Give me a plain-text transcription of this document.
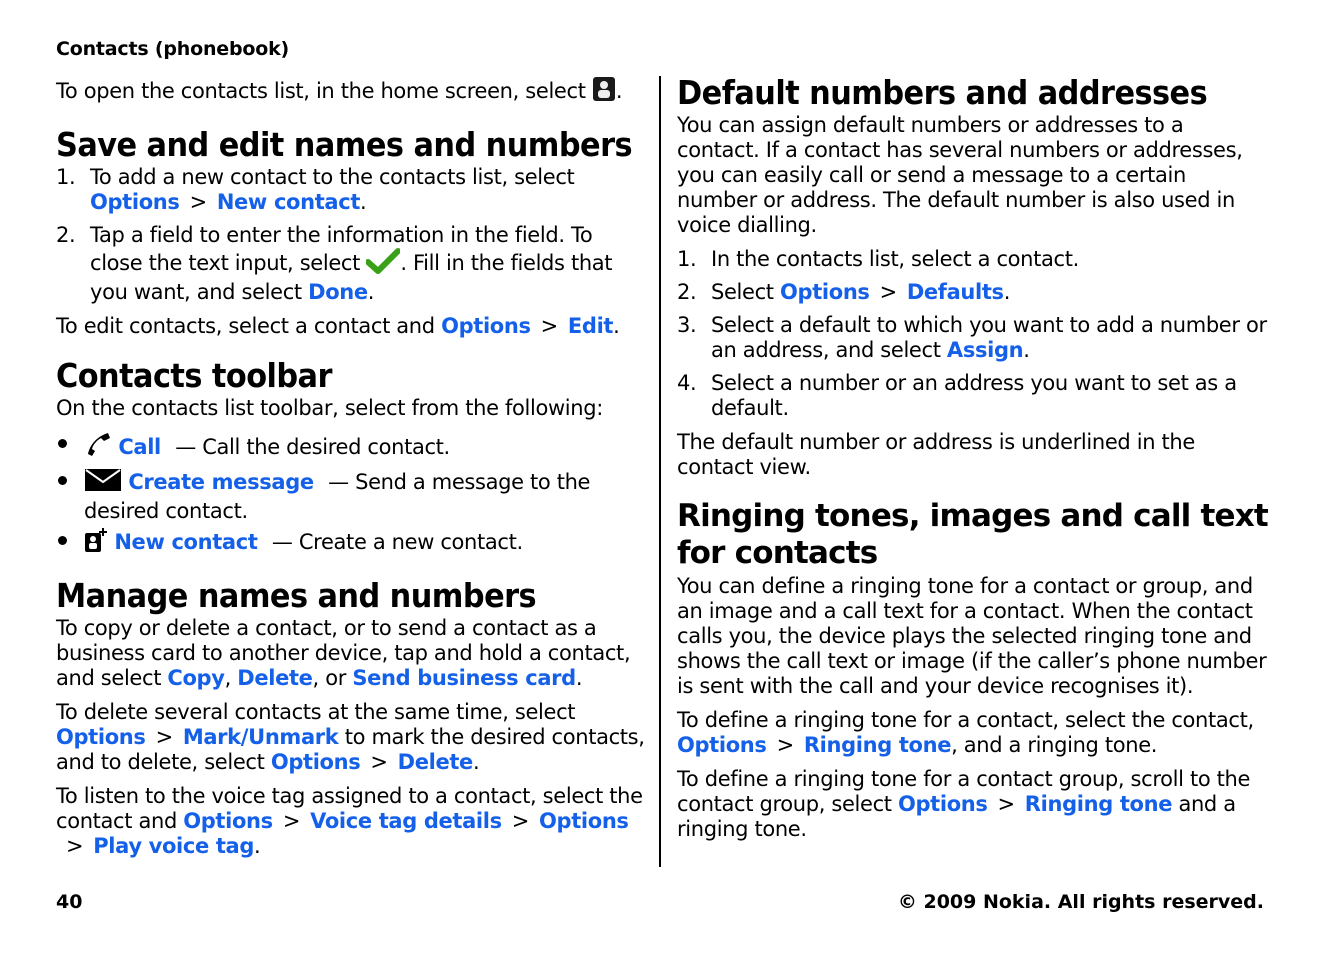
Contacts (phonebook)

To open the contacts list, in the home screen, select .

Save and edit names and numbers
1. To add a new contact to the contacts list, select Options > New contact.
2. Tap a field to enter the information in the field. To close the text input, select . Fill in the fields that you want, and select Done.

To edit contacts, select a contact and Options > Edit.

Contacts toolbar

On the contacts list toolbar, select from the following:

Call — Call the desired contact.
Create message — Send a message to the desired contact.
New contact — Create a new contact.
Manage names and numbers

To copy or delete a contact, or to send a contact as a business card to another device, tap and hold a contact, and select Copy, Delete, or Send business card.

To delete several contacts at the same time, select Options > Mark/Unmark to mark the desired contacts, and to delete, select Options > Delete.

To listen to the voice tag assigned to a contact, select the contact and Options > Voice tag details > Options> Play voice tag.

Default numbers and addresses

You can assign default numbers or addresses to a contact. If a contact has several numbers or addresses, you can easily call or send a message to a certain number or address. The default number is also used in voice dialling.

1. In the contacts list, select a contact.
2. Select Options > Defaults.
3. Select a default to which you want to add a number or an address, and select Assign.
4. Select a number or an address you want to set as a default.

The default number or address is underlined in the contact view.

Ringing tones, images and call text for contacts

You can define a ringing tone for a contact or group, and an image and a call text for a contact. When the contact calls you, the device plays the selected ringing tone and shows the call text or image (if the caller’s phone number is sent with the call and your device recognises it).

To define a ringing tone for a contact, select the contact, Options > Ringing tone, and a ringing tone.

To define a ringing tone for a contact group, scroll to the contact group, select Options > Ringing tone and a ringing tone.

40	© 2009 Nokia. All rights reserved.
